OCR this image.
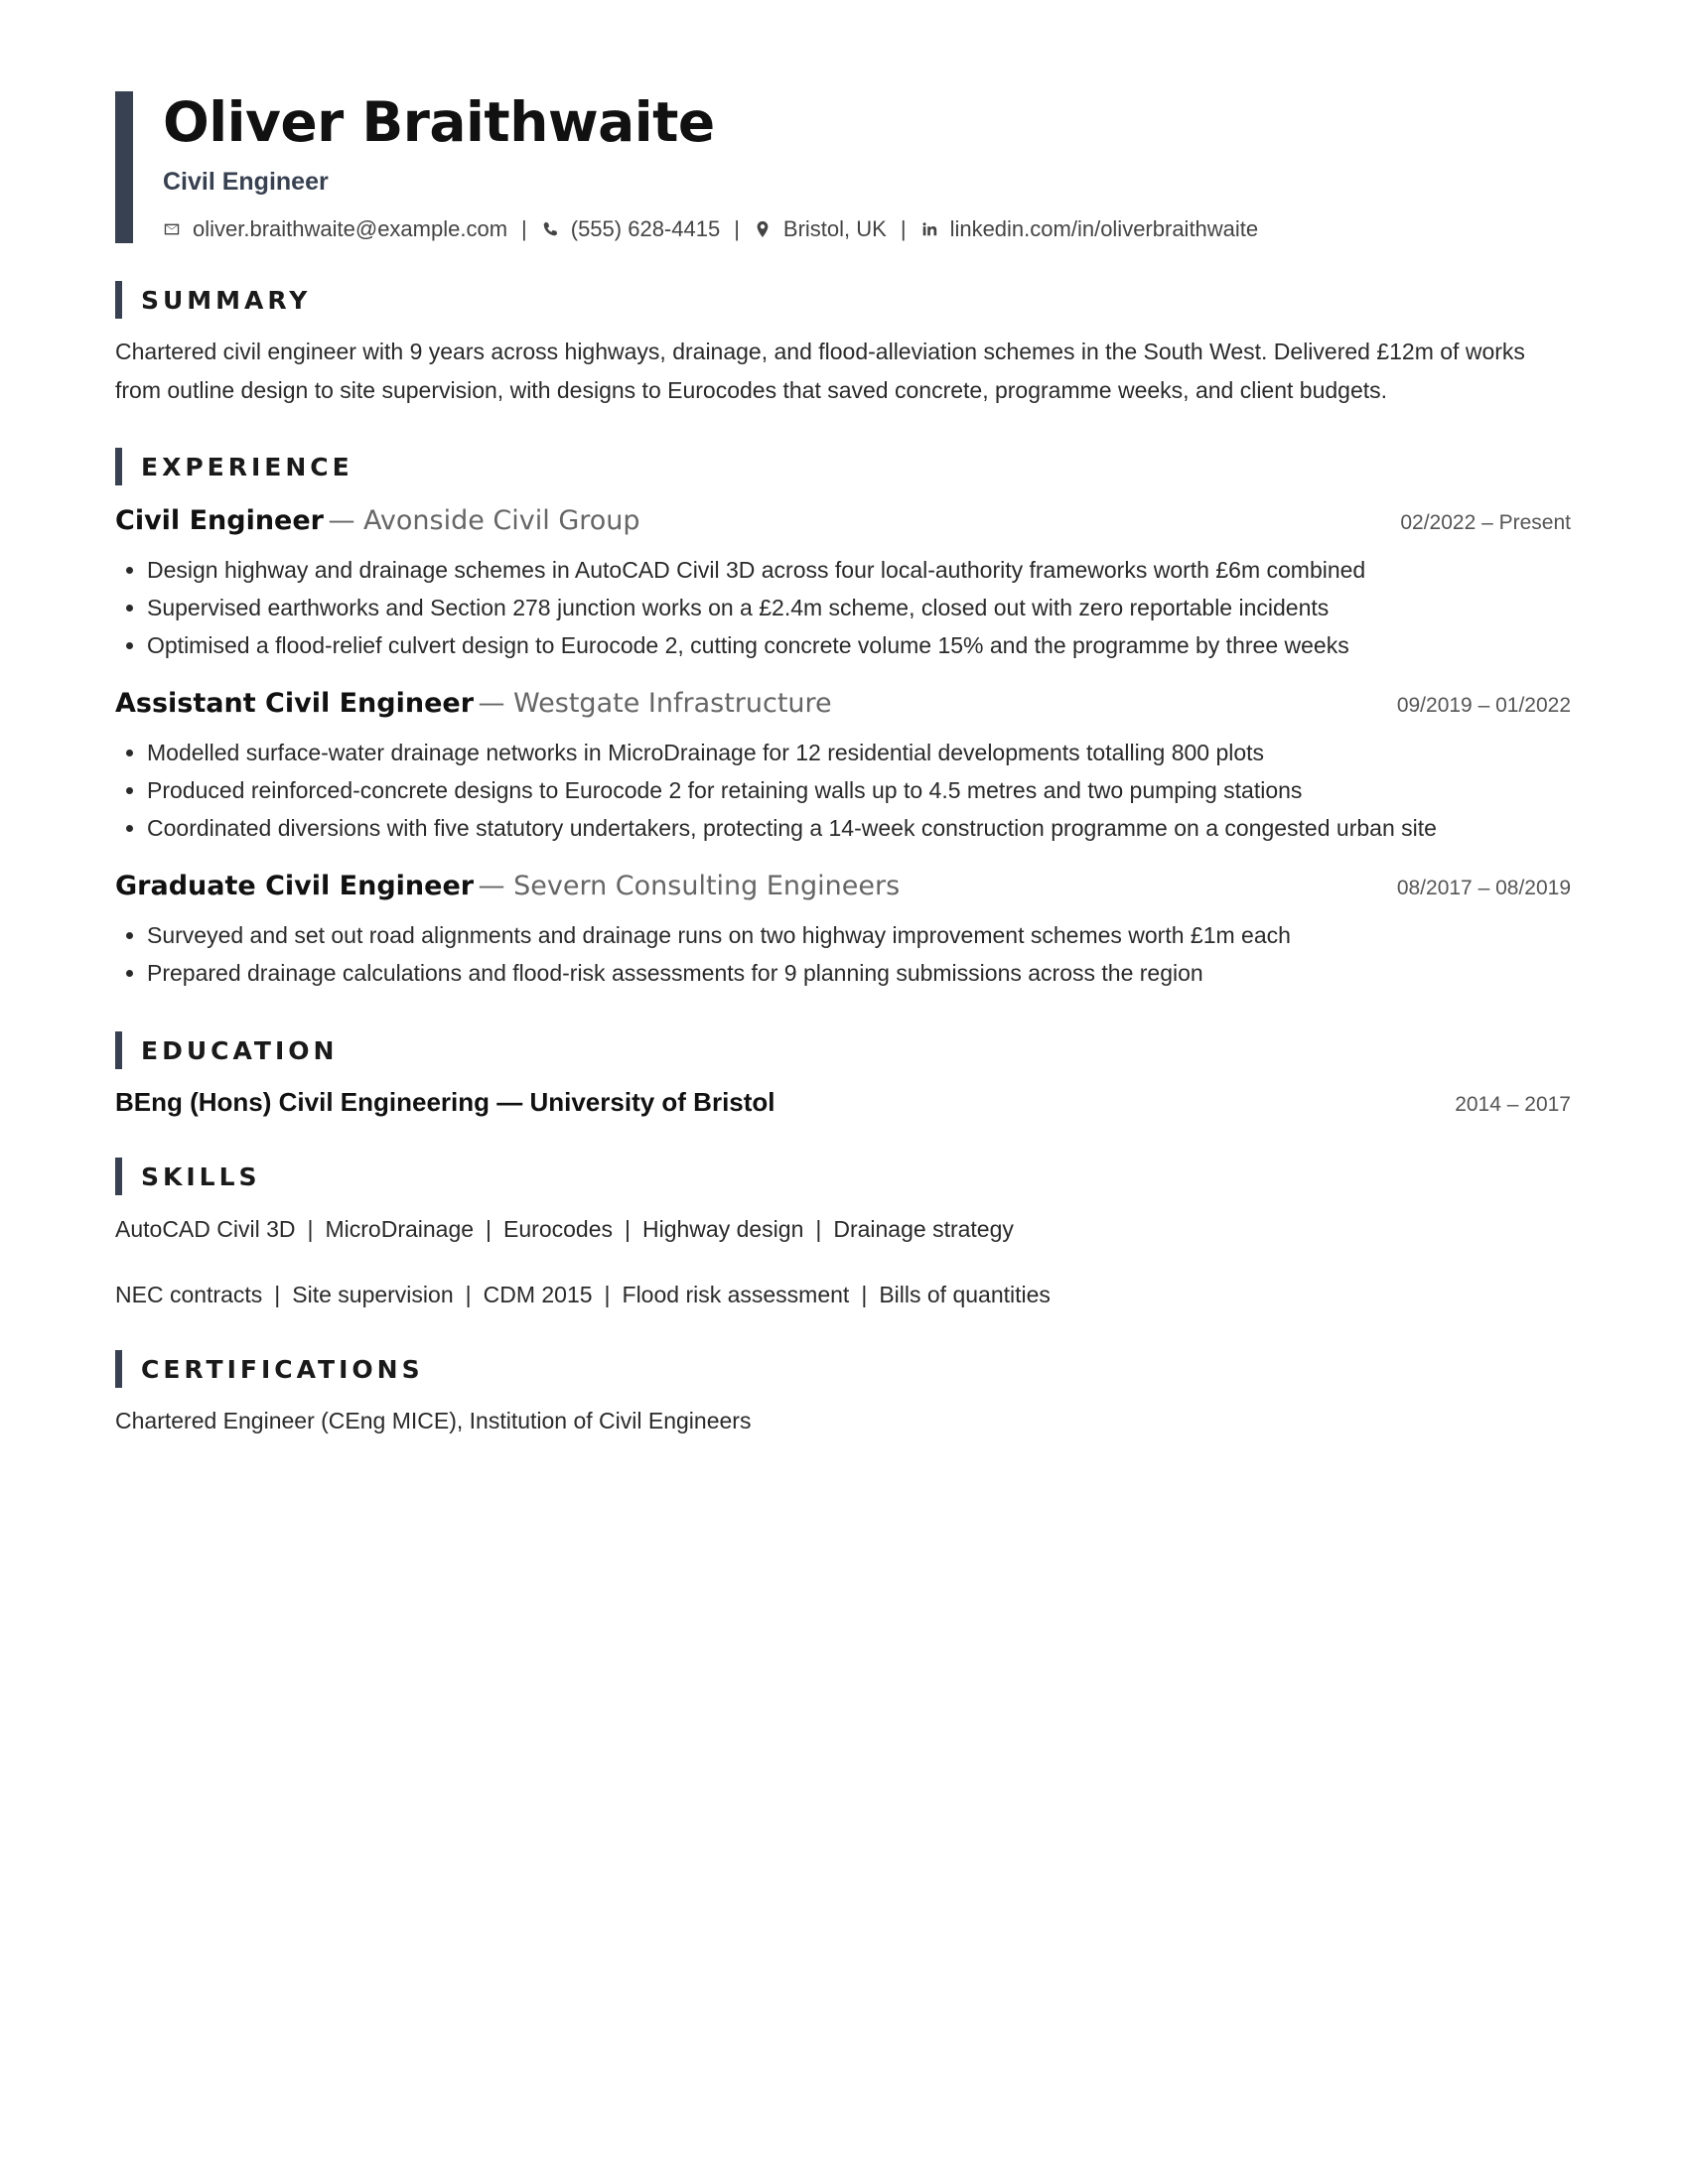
Oliver Braithwaite
Civil Engineer
oliver.braithwaite@example.com | (555) 628-4415 | Bristol, UK | linkedin.com/in/oliverbraithwaite
SUMMARY
Chartered civil engineer with 9 years across highways, drainage, and flood-alleviation schemes in the South West. Delivered £12m of works from outline design to site supervision, with designs to Eurocodes that saved concrete, programme weeks, and client budgets.
EXPERIENCE
Civil Engineer — Avonside Civil Group	02/2022 – Present
• Design highway and drainage schemes in AutoCAD Civil 3D across four local-authority frameworks worth £6m combined
• Supervised earthworks and Section 278 junction works on a £2.4m scheme, closed out with zero reportable incidents
• Optimised a flood-relief culvert design to Eurocode 2, cutting concrete volume 15% and the programme by three weeks
Assistant Civil Engineer — Westgate Infrastructure	09/2019 – 01/2022
• Modelled surface-water drainage networks in MicroDrainage for 12 residential developments totalling 800 plots
• Produced reinforced-concrete designs to Eurocode 2 for retaining walls up to 4.5 metres and two pumping stations
• Coordinated diversions with five statutory undertakers, protecting a 14-week construction programme on a congested urban site
Graduate Civil Engineer — Severn Consulting Engineers	08/2017 – 08/2019
• Surveyed and set out road alignments and drainage runs on two highway improvement schemes worth £1m each
• Prepared drainage calculations and flood-risk assessments for 9 planning submissions across the region
EDUCATION
BEng (Hons) Civil Engineering — University of Bristol	2014 – 2017
SKILLS
AutoCAD Civil 3D | MicroDrainage | Eurocodes | Highway design | Drainage strategy
NEC contracts | Site supervision | CDM 2015 | Flood risk assessment | Bills of quantities
CERTIFICATIONS
Chartered Engineer (CEng MICE), Institution of Civil Engineers
